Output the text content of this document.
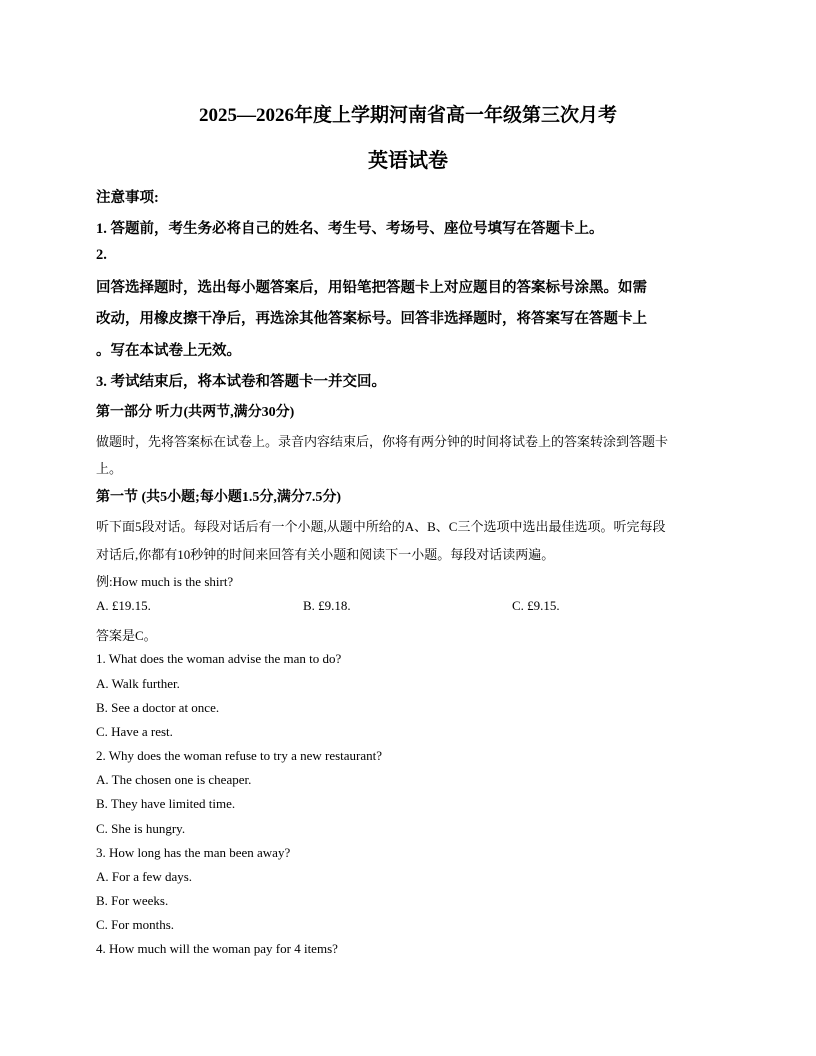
2025—2026年度上学期河南省高一年级第三次月考
英语试卷
注意事项:
1. 答题前，考生务必将自己的姓名、考生号、考场号、座位号填写在答题卡上。
2.
回答选择题时，选出每小题答案后，用铅笔把答题卡上对应题目的答案标号涂黑。如需
改动，用橡皮擦干净后，再选涂其他答案标号。回答非选择题时，将答案写在答题卡上
。写在本试卷上无效。
3. 考试结束后，将本试卷和答题卡一并交回。
第一部分 听力(共两节,满分30分)
做题时，先将答案标在试卷上。录音内容结束后，你将有两分钟的时间将试卷上的答案转涂到答题卡
上。
第一节 (共5小题;每小题1.5分,满分7.5分)
听下面5段对话。每段对话后有一个小题,从题中所给的A、B、C三个选项中选出最佳选项。听完每段
对话后,你都有10秒钟的时间来回答有关小题和阅读下一小题。每段对话读两遍。
例:How much is the shirt?
A. £19.15.	B. £9.18.	C. £9.15.
答案是C。
1. What does the woman advise the man to do?
A. Walk further.
B. See a doctor at once.
C. Have a rest.
2. Why does the woman refuse to try a new restaurant?
A. The chosen one is cheaper.
B. They have limited time.
C. She is hungry.
3. How long has the man been away?
A. For a few days.
B. For weeks.
C. For months.
4. How much will the woman pay for 4 items?
